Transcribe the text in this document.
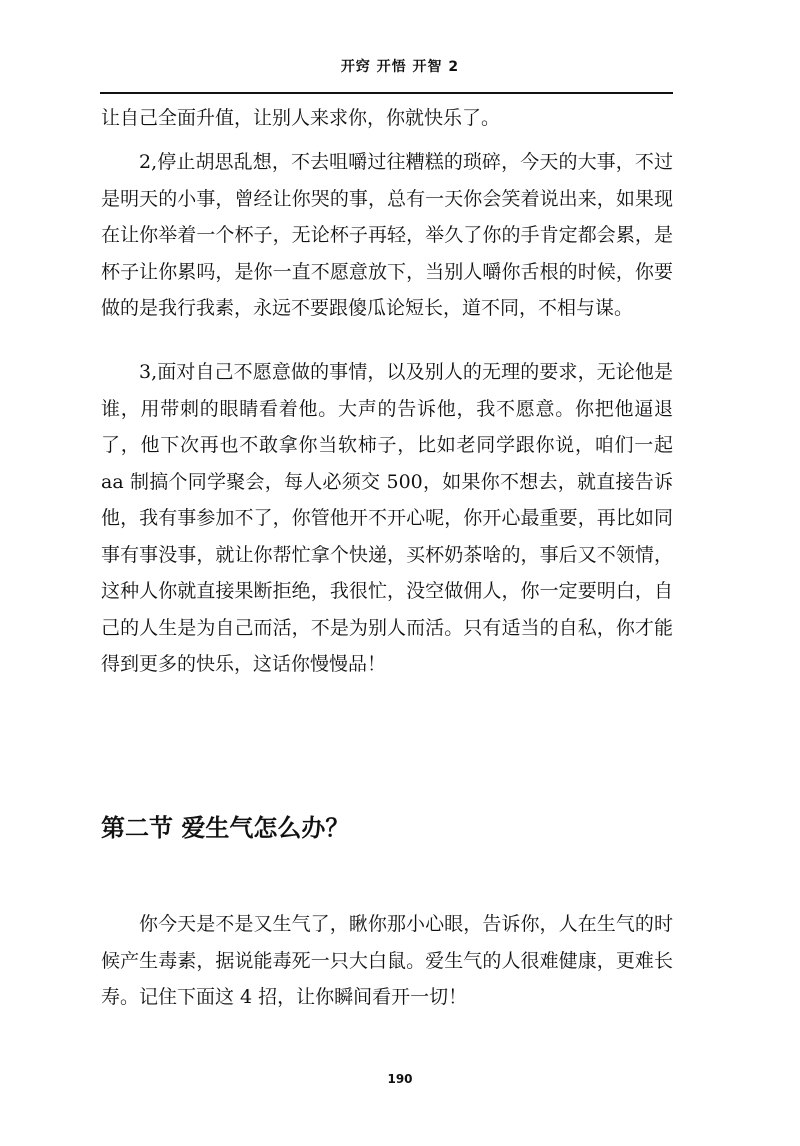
开窍 开悟 开智 2

让自己全面升值，让别人来求你，你就快乐了。

2,停止胡思乱想，不去咀嚼过往糟糕的琐碎，今天的大事，不过是明天的小事，曾经让你哭的事，总有一天你会笑着说出来，如果现在让你举着一个杯子，无论杯子再轻，举久了你的手肯定都会累，是杯子让你累吗，是你一直不愿意放下，当别人嚼你舌根的时候，你要做的是我行我素，永远不要跟傻瓜论短长，道不同，不相与谋。

3,面对自己不愿意做的事情，以及别人的无理的要求，无论他是谁，用带刺的眼睛看着他。大声的告诉他，我不愿意。你把他逼退了，他下次再也不敢拿你当软柿子，比如老同学跟你说，咱们一起 aa 制搞个同学聚会，每人必须交 500，如果你不想去，就直接告诉他，我有事参加不了，你管他开不开心呢，你开心最重要，再比如同事有事没事，就让你帮忙拿个快递，买杯奶茶啥的，事后又不领情，这种人你就直接果断拒绝，我很忙，没空做佣人，你一定要明白，自己的人生是为自己而活，不是为别人而活。只有适当的自私，你才能得到更多的快乐，这话你慢慢品！

第二节 爱生气怎么办？

你今天是不是又生气了，瞅你那小心眼，告诉你，人在生气的时候产生毒素，据说能毒死一只大白鼠。爱生气的人很难健康，更难长寿。记住下面这 4 招，让你瞬间看开一切！

190
